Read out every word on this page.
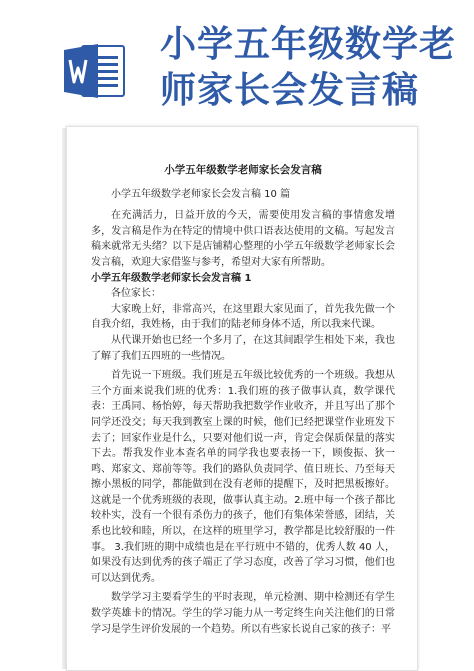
小学五年级数学老
师家长会发言稿

小学五年级数学老师家长会发言稿
小学五年级数学老师家长会发言稿 10 篇

在充满活力，日益开放的今天，需要使用发言稿的事情愈发增多，发言稿是作为在特定的情境中供口语表达使用的文稿。写起发言稿来就常无头绪？以下是店铺精心整理的小学五年级数学老师家长会发言稿，欢迎大家借鉴与参考，希望对大家有所帮助。

小学五年级数学老师家长会发言稿 1

各位家长：

大家晚上好，非常高兴，在这里跟大家见面了，首先我先做一个自我介绍，我姓杨，由于我们的陆老师身体不适，所以我来代课。

从代课开始也已经一个多月了，在这其间跟学生相处下来，我也了解了我们五四班的一些情况。

首先说一下班级。我们班是五年级比较优秀的一个班级。我想从三个方面来说我们班的优秀：1.我们班的孩子做事认真，数学课代表：王禹同、杨怡婷，每天帮助我把数学作业收齐，并且写出了那个同学还没交；每天我到教室上课的时候，他们已经把课堂作业班发下去了；回家作业是什么，只要对他们说一声，肯定会保质保量的落实下去。帮我发作业本查名单的同学我也要表扬一下，顾俊振、狄一鸣、郑家文、郑前等等。我们的路队负责同学、值日班长、乃至每天擦小黑板的同学，都能做到在没有老师的提醒下，及时把黑板擦好。这就是一个优秀班级的表现，做事认真主动。2.班中每一个孩子都比较朴实，没有一个很有杀伤力的孩子，他们有集体荣誉感，团结，关系也比较和睦，所以，在这样的班里学习，教学都是比较舒服的一件事。 3.我们班的期中成绩也是在平行班中不错的，优秀人数 40 人，如果没有达到优秀的孩子端正了学习态度，改善了学习习惯，他们也可以达到优秀。

数学学习主要看学生的平时表现，单元检测、期中检测还有学生数学英雄卡的情况。学生的学习能力从一考定终生向关注他们的日常学习是学生评价发展的一个趋势。所以有些家长说自己家的孩子：平
